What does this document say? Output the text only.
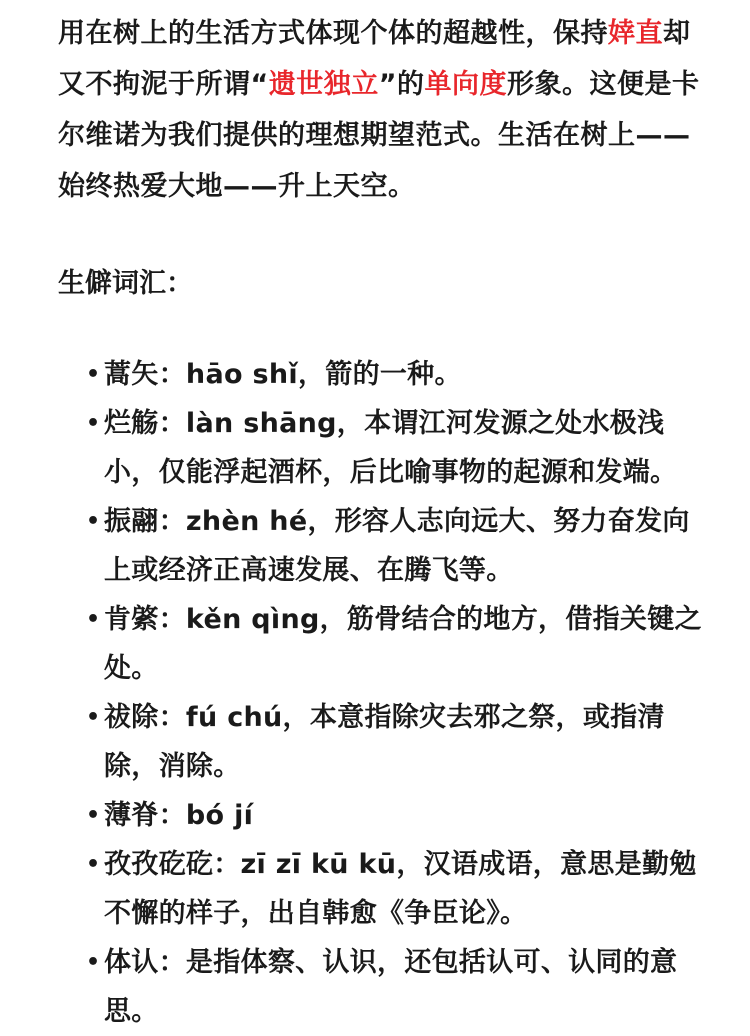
用在树上的生活方式体现个体的超越性，保持婞直却又不拘泥于所谓“遗世独立”的单向度形象。这便是卡尔维诺为我们提供的理想期望范式。生活在树上——始终热爱大地——升上天空。

生僻词汇：
• 蒿矢：hāo shǐ，箭的一种。
• 烂觞：làn shāng，本谓江河发源之处水极浅小，仅能浮起酒杯，后比喻事物的起源和发端。
• 振翮：zhèn hé，形容人志向远大、努力奋发向上或经济正高速发展、在腾飞等。
• 肯綮：kěn qìng，筋骨结合的地方，借指关键之处。
• 祓除：fú chú，本意指除灾去邪之祭，或指清除，消除。
• 薄脊：bó jí
• 孜孜矻矻：zī zī kū kū，汉语成语，意思是勤勉不懈的样子，出自韩愈《争臣论》。
• 体认：是指体察、认识，还包括认可、认同的意思。
